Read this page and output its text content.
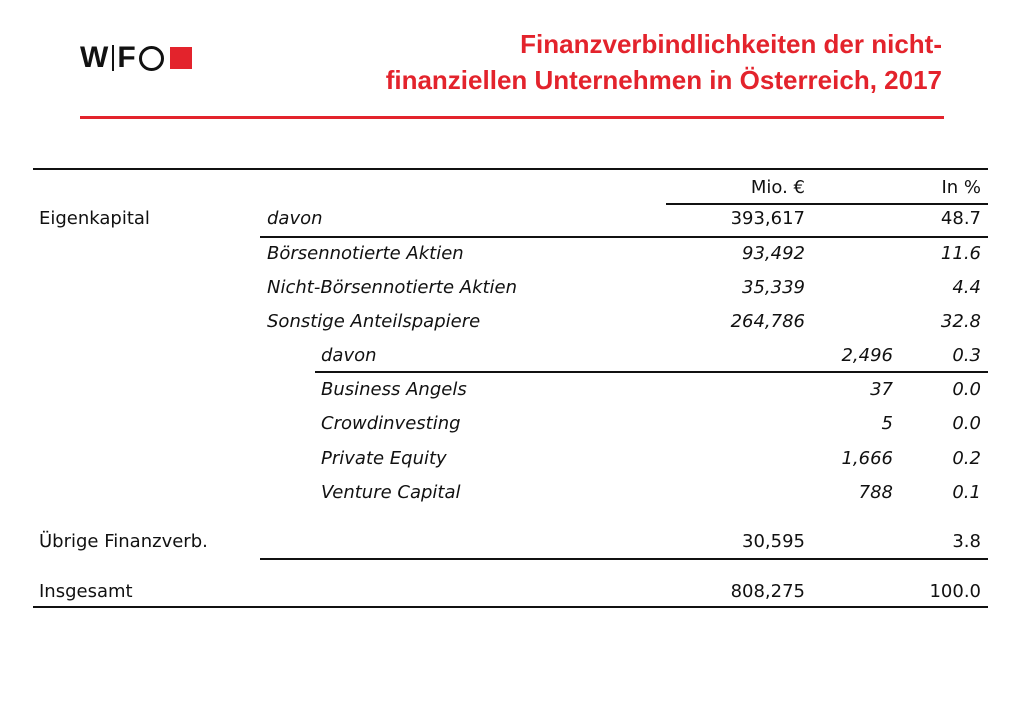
W F	Finanzverbindlichkeiten der nicht-
finanziellen Unternehmen in Österreich, 2017
Mio. €	In %
Eigenkapital	davon	393,617	48.7
Börsennotierte Aktien	93,492	11.6
Nicht-Börsennotierte Aktien	35,339	4.4
Sonstige Anteilspapiere	264,786	32.8
davon	2,496	0.3
Business Angels	37	0.0
Crowdinvesting	5	0.0
Private Equity	1,666	0.2
Venture Capital	788	0.1
Übrige Finanzverb.	30,595	3.8
Insgesamt	808,275	100.0
